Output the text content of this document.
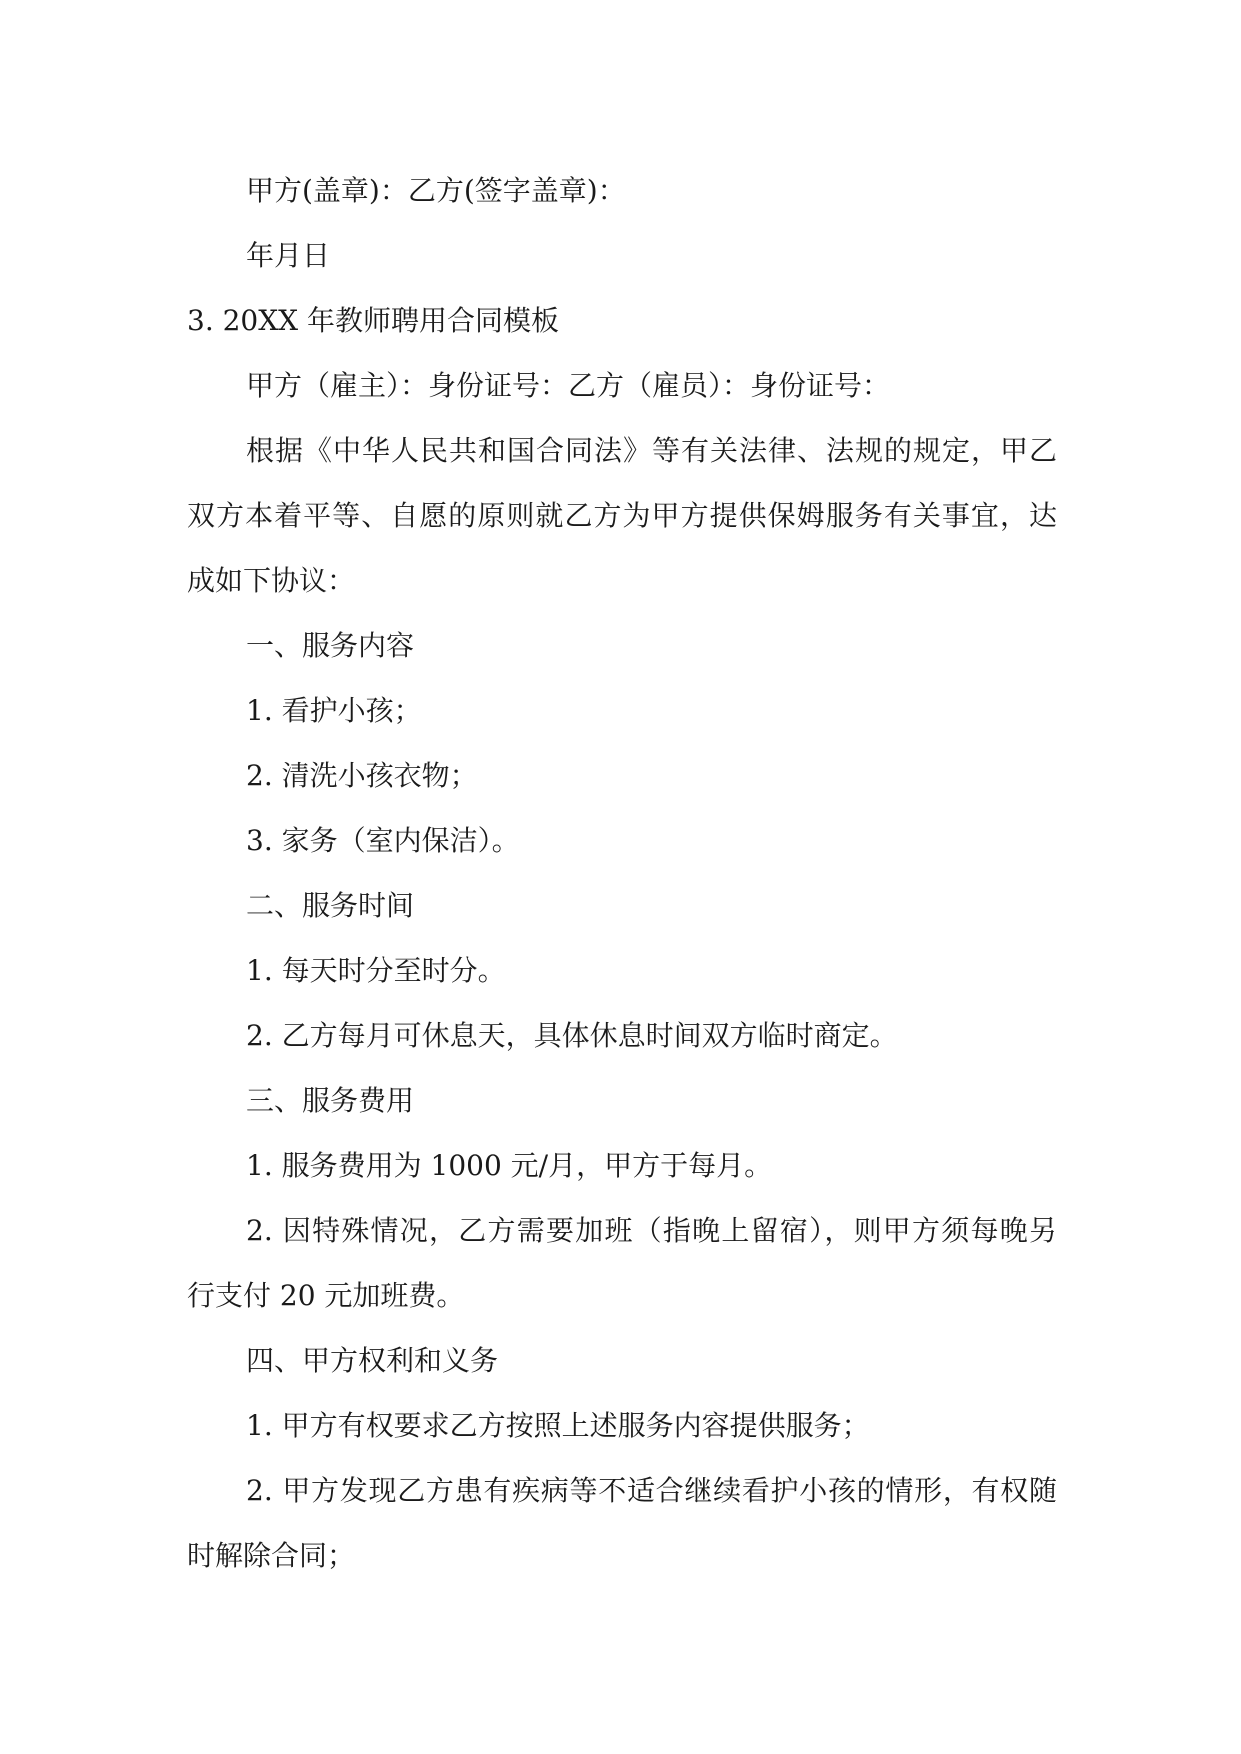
甲方(盖章)：乙方(签字盖章)：
年月日
3. 20XX 年教师聘用合同模板
甲方（雇主）：身份证号：乙方（雇员）：身份证号：
根据《中华人民共和国合同法》等有关法律、法规的规定，甲乙
双方本着平等、自愿的原则就乙方为甲方提供保姆服务有关事宜，达
成如下协议：
一、服务内容
1. 看护小孩；
2. 清洗小孩衣物；
3. 家务（室内保洁）。
二、服务时间
1. 每天时分至时分。
2. 乙方每月可休息天，具体休息时间双方临时商定。
三、服务费用
1. 服务费用为 1000 元/月，甲方于每月。
2. 因特殊情况，乙方需要加班（指晚上留宿），则甲方须每晚另
行支付 20 元加班费。
四、甲方权利和义务
1. 甲方有权要求乙方按照上述服务内容提供服务；
2. 甲方发现乙方患有疾病等不适合继续看护小孩的情形，有权随
时解除合同；
